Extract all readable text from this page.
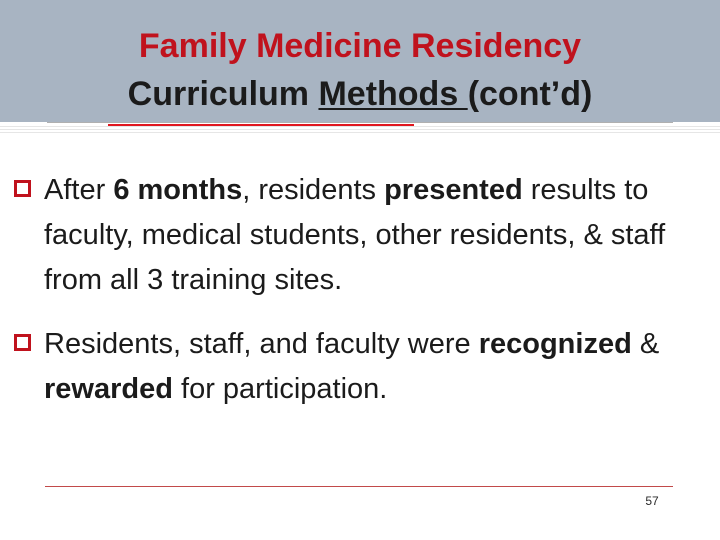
Family Medicine Residency
Curriculum Methods (cont’d)
After 6 months, residents presented results to faculty, medical students, other residents, & staff from all 3 training sites.
Residents, staff, and faculty were recognized & rewarded for participation.
57
